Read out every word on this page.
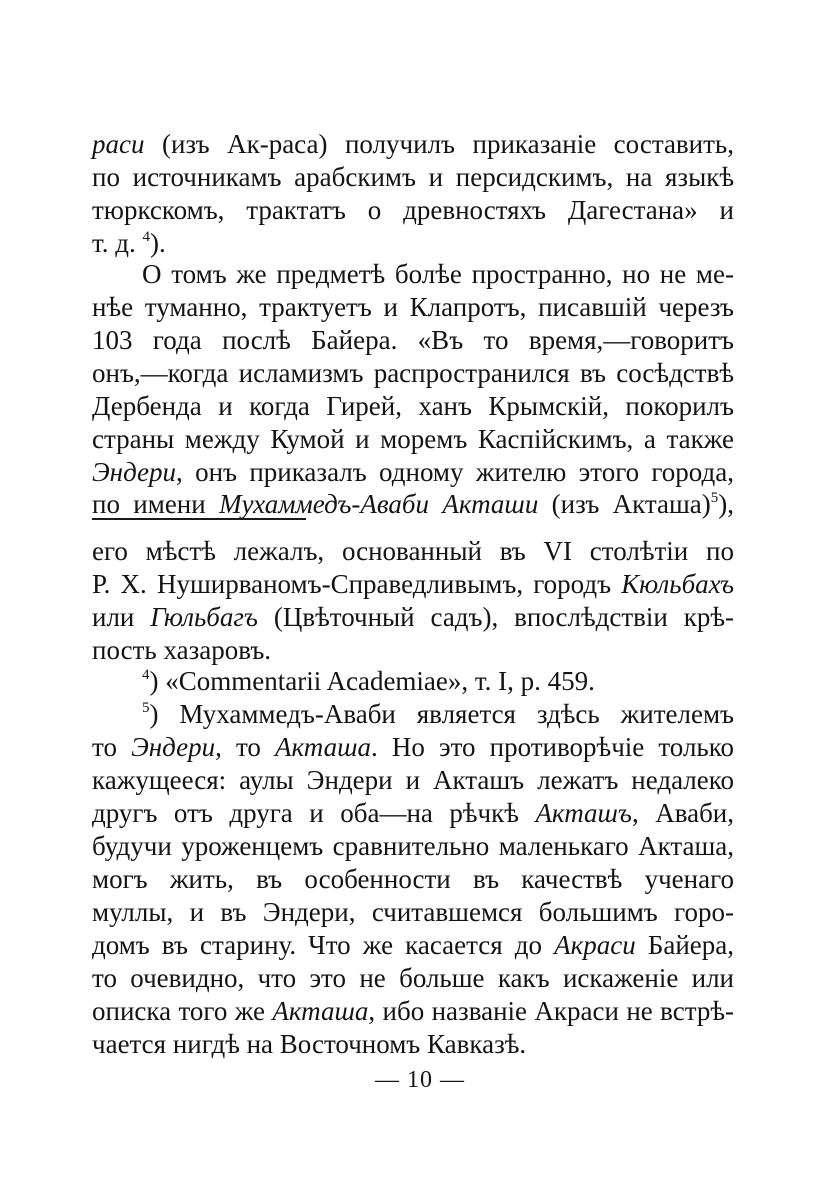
раси (изъ Ак-раса) получилъ приказанiе составить,
по источникамъ арабскимъ и персидскимъ, на языкѣ
тюркскомъ, трактатъ о древностяхъ Дагестана» и
т. д. $^4$).
О томъ же предметѣ болѣе пространно, но не ме-
нѣе туманно, трактуетъ и Клапротъ, писавшiй черезъ
103 года послѣ Байера. «Въ то время,—говоритъ
онъ,—когда исламизмъ распространился въ сосѣдствѣ
Дербенда и когда Гирей, ханъ Крымскiй, покорилъ
страны между Кумой и моремъ Каспiйскимъ, а также
Эндери, онъ приказалъ одному жителю этого города,
по имени Мухаммедъ-Аваби Акташи (изъ Акташа)$^5$),
его мѣстѣ лежалъ, основанный въ VI столѣтiи по
Р. Х. Нуширваномъ-Справедливымъ, городъ Кюльбахъ
или Гюльбагъ (Цвѣточный садъ), впослѣдствiи крѣ-
пость хазаровъ.
$^4$) «Commentarii Academiae», т. I, p. 459.
$^5$) Мухаммедъ-Аваби является здѣсь жителемъ
то Эндери, то Акташа. Но это противорѣчiе только
кажущееся: аулы Эндери и Акташъ лежатъ недалеко
другъ отъ друга и оба—на рѣчкѣ Акташъ, Аваби,
будучи уроженцемъ сравнительно маленькаго Акташа,
могъ жить, въ особенности въ качествѣ ученаго
муллы, и въ Эндери, считавшемся большимъ горо-
домъ въ старину. Что же касается до Акраси Байера,
то очевидно, что это не больше какъ искаженiе или
описка того же Акташа, ибо названiе Акраси не встрѣ-
— 10 —
чается нигдѣ на Восточномъ Кавказѣ.
